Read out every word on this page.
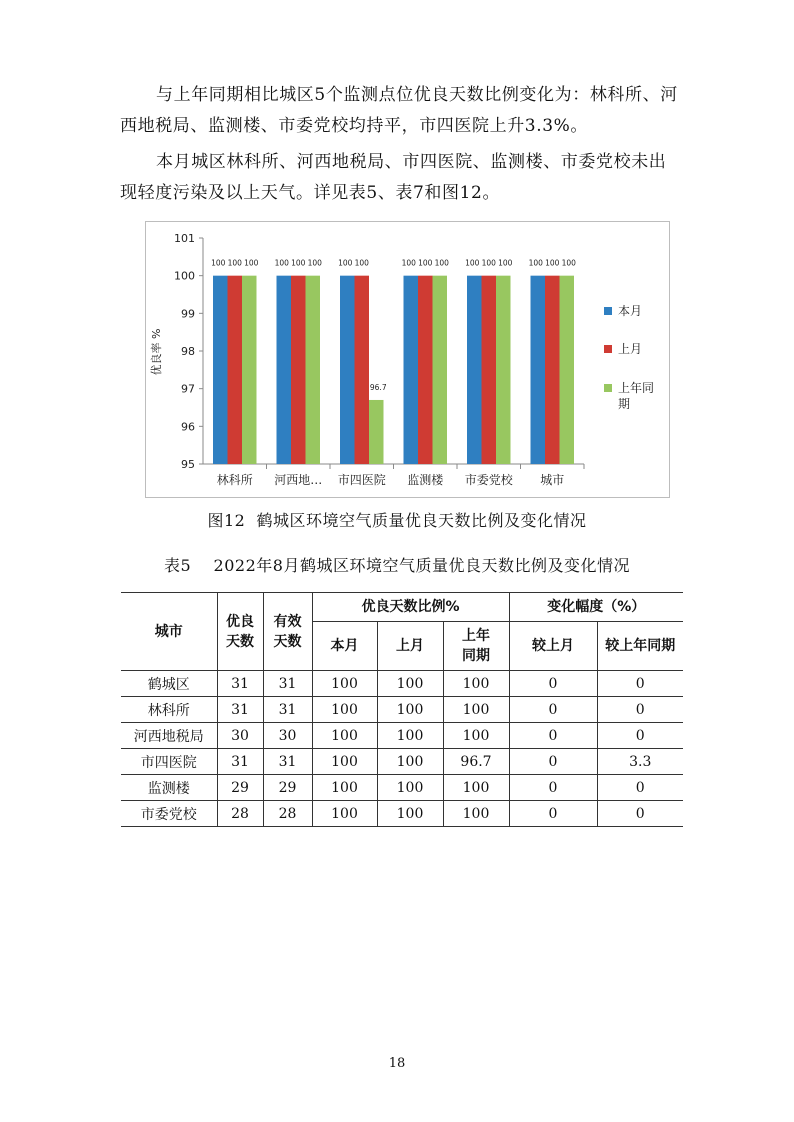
与上年同期相比城区5个监测点位优良天数比例变化为：林科所、河西地税局、监测楼、市委党校均持平，市四医院上升3.3%。

本月城区林科所、河西地税局、市四医院、监测楼、市委党校未出现轻度污染及以上天气。详见表5、表7和图12。

95
96
97
98
99
100
101
优良率 %
100 100 100
林科所
100 100 100
河西地…
100 100
96.7
市四医院
100 100 100
监测楼
100 100 100
市委党校
100 100 100
城市
本月
上月
上年同
期
图12  鹤城区环境空气质量优良天数比例及变化情况
表5    2022年8月鹤城区环境空气质量优良天数比例及变化情况
城市	优良天数	有效天数	优良天数比例%			变化幅度（%）	
			本月	上月	上年同期	较上月	较上年同期

鹤城区	31	31	100	100	100	0	0
林科所	31	31	100	100	100	0	0
河西地税局	30	30	100	100	100	0	0
市四医院	31	31	100	100	96.7	0	3.3
监测楼	29	29	100	100	100	0	0
市委党校	28	28	100	100	100	0	0
18
